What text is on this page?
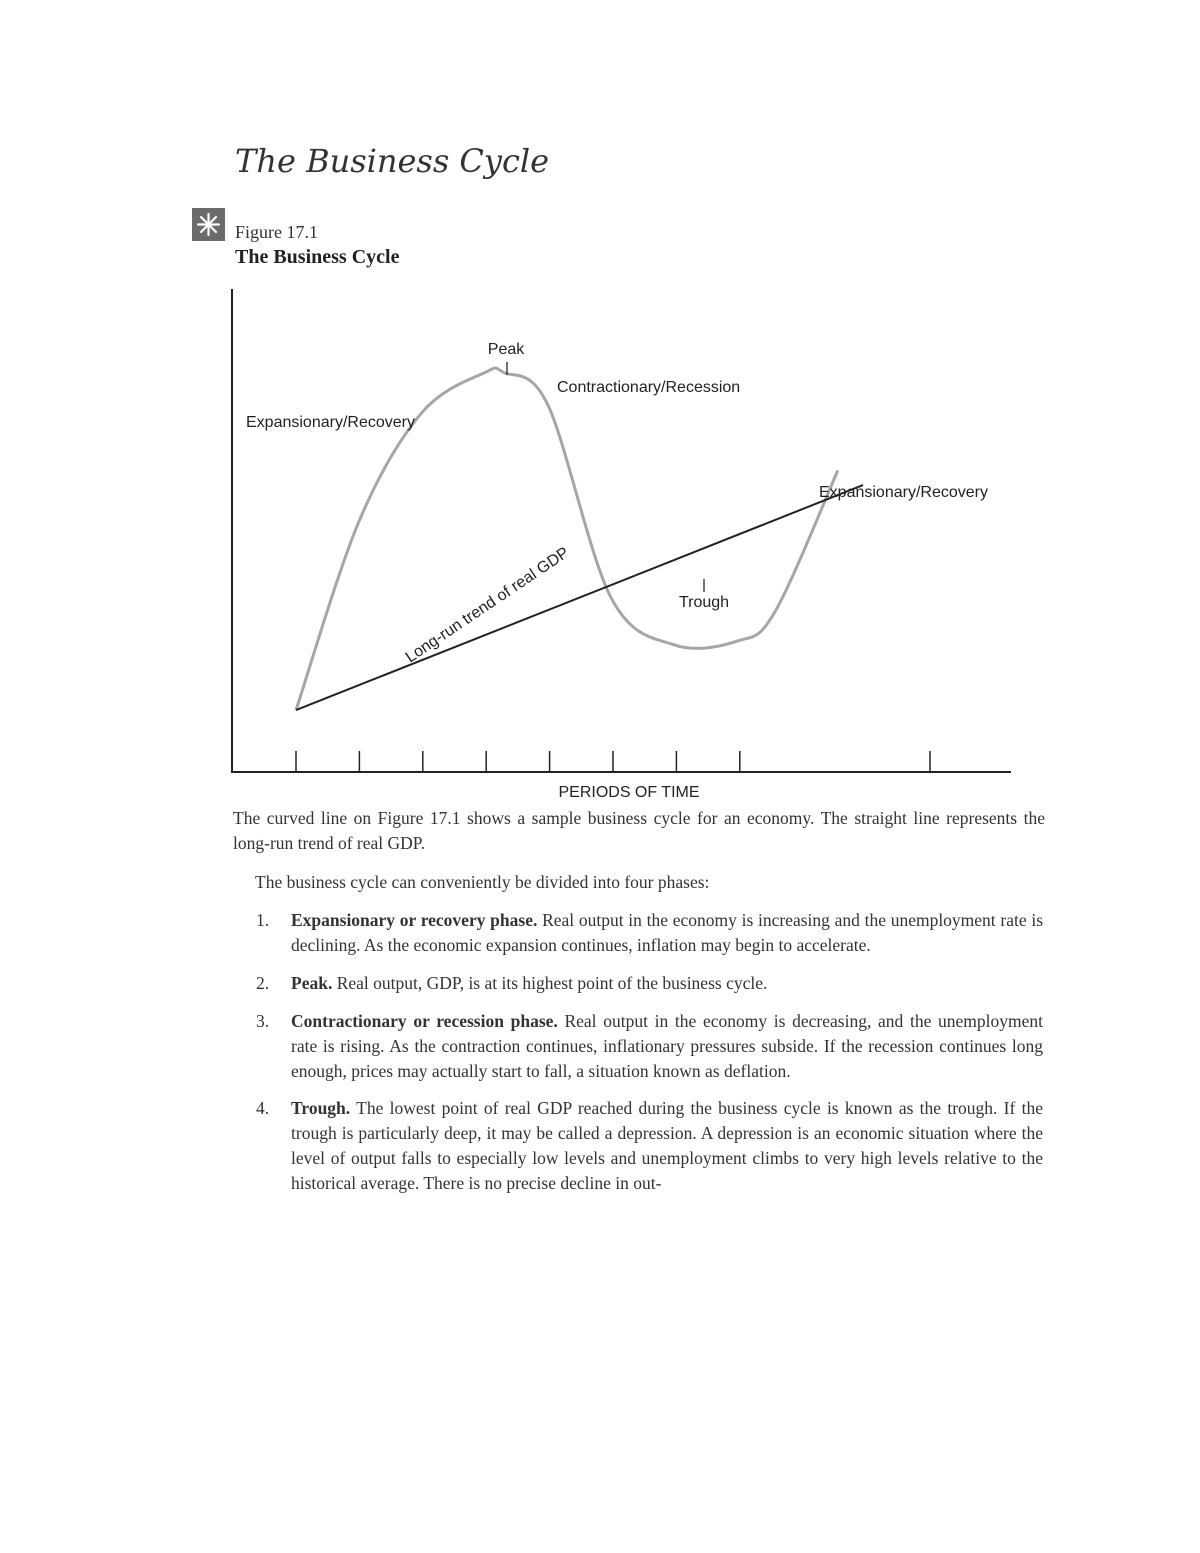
The Business Cycle
Figure 17.1
The Business Cycle
Peak
Contractionary/Recession
Expansionary/Recovery
Expansionary/Recovery
Trough
Long-run trend of real GDP
PERIODS OF TIME

The curved line on Figure 17.1 shows a sample business cycle for an economy. The straight line represents the long-run trend of real GDP.

The business cycle can conveniently be divided into four phases:

1. Expansionary or recovery phase. Real output in the economy is increasing and the unemployment rate is declining. As the economic expansion continues, inflation may begin to accelerate.

2. Peak. Real output, GDP, is at its highest point of the business cycle.

3. Contractionary or recession phase. Real output in the economy is decreasing, and the unemployment rate is rising. As the contraction continues, inflationary pressures subside. If the recession continues long enough, prices may actually start to fall, a situation known as deflation.

4. Trough. The lowest point of real GDP reached during the business cycle is known as the trough. If the trough is particularly deep, it may be called a depression. A depression is an economic situation where the level of output falls to especially low levels and unemployment climbs to very high levels relative to the historical average. There is no precise decline in out-
